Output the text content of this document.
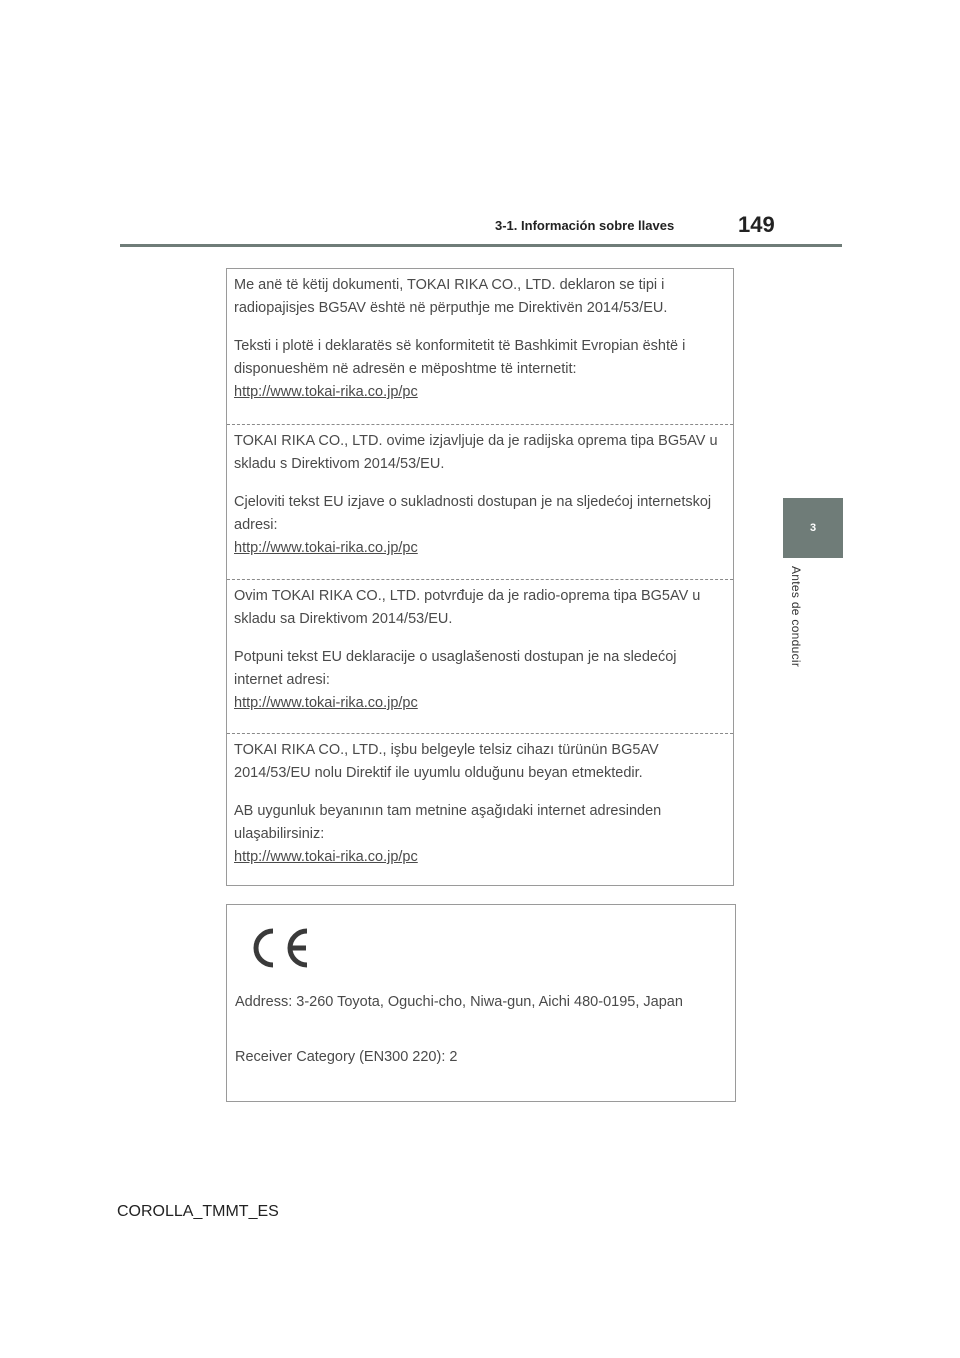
3-1. Información sobre llaves	149
3
Antes de conducir

Me anë të këtij dokumenti, TOKAI RIKA CO., LTD. deklaron se tipi i radiopajisjes BG5AV është në përputhje me Direktivën 2014/53/EU.

Teksti i plotë i deklaratës së konformitetit të Bashkimit Evropian është i disponueshëm në adresën e mëposhtme të internetit:
http://www.tokai-rika.co.jp/pc

TOKAI RIKA CO., LTD. ovime izjavljuje da je radijska oprema tipa BG5AV u skladu s Direktivom 2014/53/EU.

Cjeloviti tekst EU izjave o sukladnosti dostupan je na sljedećoj internetskoj adresi:
http://www.tokai-rika.co.jp/pc

Ovim TOKAI RIKA CO., LTD. potvrđuje da je radio-oprema tipa BG5AV u skladu sa Direktivom 2014/53/EU.

Potpuni tekst EU deklaracije o usaglašenosti dostupan je na sledećoj internet adresi:
http://www.tokai-rika.co.jp/pc

TOKAI RIKA CO., LTD., işbu belgeyle telsiz cihazı türünün BG5AV 2014/53/EU nolu Direktif ile uyumlu olduğunu beyan etmektedir.

AB uygunluk beyanının tam metnine aşağıdaki internet adresinden ulaşabilirsiniz:
http://www.tokai-rika.co.jp/pc

Address: 3-260 Toyota, Oguchi-cho, Niwa-gun, Aichi 480-0195, Japan
Receiver Category (EN300 220): 2
COROLLA_TMMT_ES
